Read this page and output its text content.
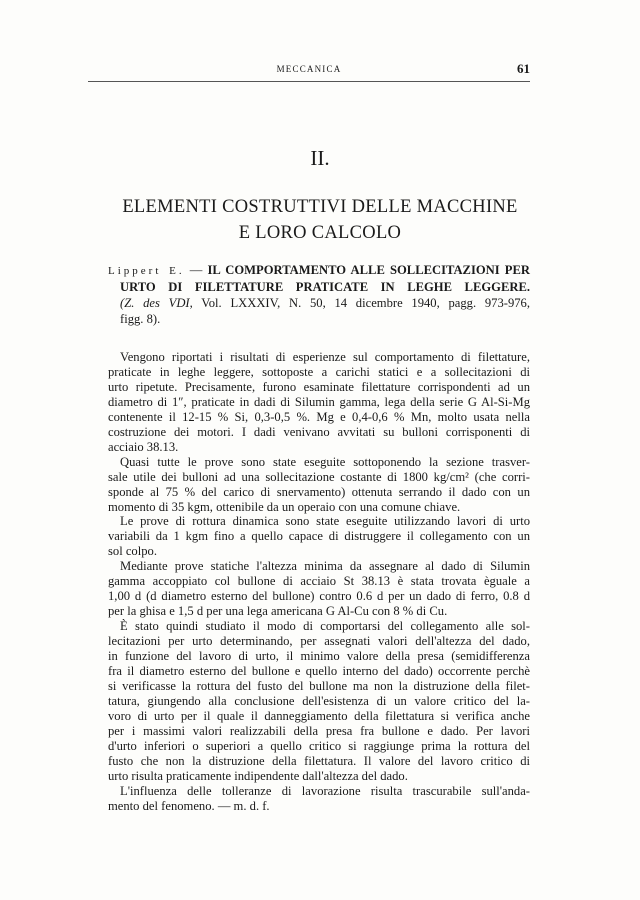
MECCANICA	61
II.
ELEMENTI COSTRUTTIVI DELLE MACCHINE
E LORO CALCOLO
Lippert E. — IL COMPORTAMENTO ALLE SOLLECITAZIONI PER
URTO DI FILETTATURE PRATICATE IN LEGHE LEGGERE.
(Z. des VDI, Vol. LXXXIV, N. 50, 14 dicembre 1940, pagg. 973-976,
figg. 8).
Vengono riportati i risultati di esperienze sul comportamento di filettature,
praticate in leghe leggere, sottoposte a carichi statici e a sollecitazioni di
urto ripetute. Precisamente, furono esaminate filettature corrispondenti ad un
diametro di 1″, praticate in dadi di Silumin gamma, lega della serie G Al-Si-Mg
contenente il 12-15 % Si, 0,3-0,5 %. Mg e 0,4-0,6 % Mn, molto usata nella
costruzione dei motori. I dadi venivano avvitati su bulloni corrisponenti di
acciaio 38.13.
Quasi tutte le prove sono state eseguite sottoponendo la sezione trasver-
sale utile dei bulloni ad una sollecitazione costante di 1800 kg/cm² (che corri-
sponde al 75 % del carico di snervamento) ottenuta serrando il dado con un
momento di 35 kgm, ottenibile da un operaio con una comune chiave.
Le prove di rottura dinamica sono state eseguite utilizzando lavori di urto
variabili da 1 kgm fino a quello capace di distruggere il collegamento con un
sol colpo.
Mediante prove statiche l'altezza minima da assegnare al dado di Silumin
gamma accoppiato col bullone di acciaio St 38.13 è stata trovata èguale a
1,00 d (d diametro esterno del bullone) contro 0.6 d per un dado di ferro, 0.8 d
per la ghisa e 1,5 d per una lega americana G Al-Cu con 8 % di Cu.
È stato quindi studiato il modo di comportarsi del collegamento alle sol-
lecitazioni per urto determinando, per assegnati valori dell'altezza del dado,
in funzione del lavoro di urto, il minimo valore della presa (semidifferenza
fra il diametro esterno del bullone e quello interno del dado) occorrente perchè
si verificasse la rottura del fusto del bullone ma non la distruzione della filet-
tatura, giungendo alla conclusione dell'esistenza di un valore critico del la-
voro di urto per il quale il danneggiamento della filettatura si verifica anche
per i massimi valori realizzabili della presa fra bullone e dado. Per lavori
d'urto inferiori o superiori a quello critico si raggiunge prima la rottura del
fusto che non la distruzione della filettatura. Il valore del lavoro critico di
urto risulta praticamente indipendente dall'altezza del dado.
L'influenza delle tolleranze di lavorazione risulta trascurabile sull'anda-
mento del fenomeno. — m. d. f.
